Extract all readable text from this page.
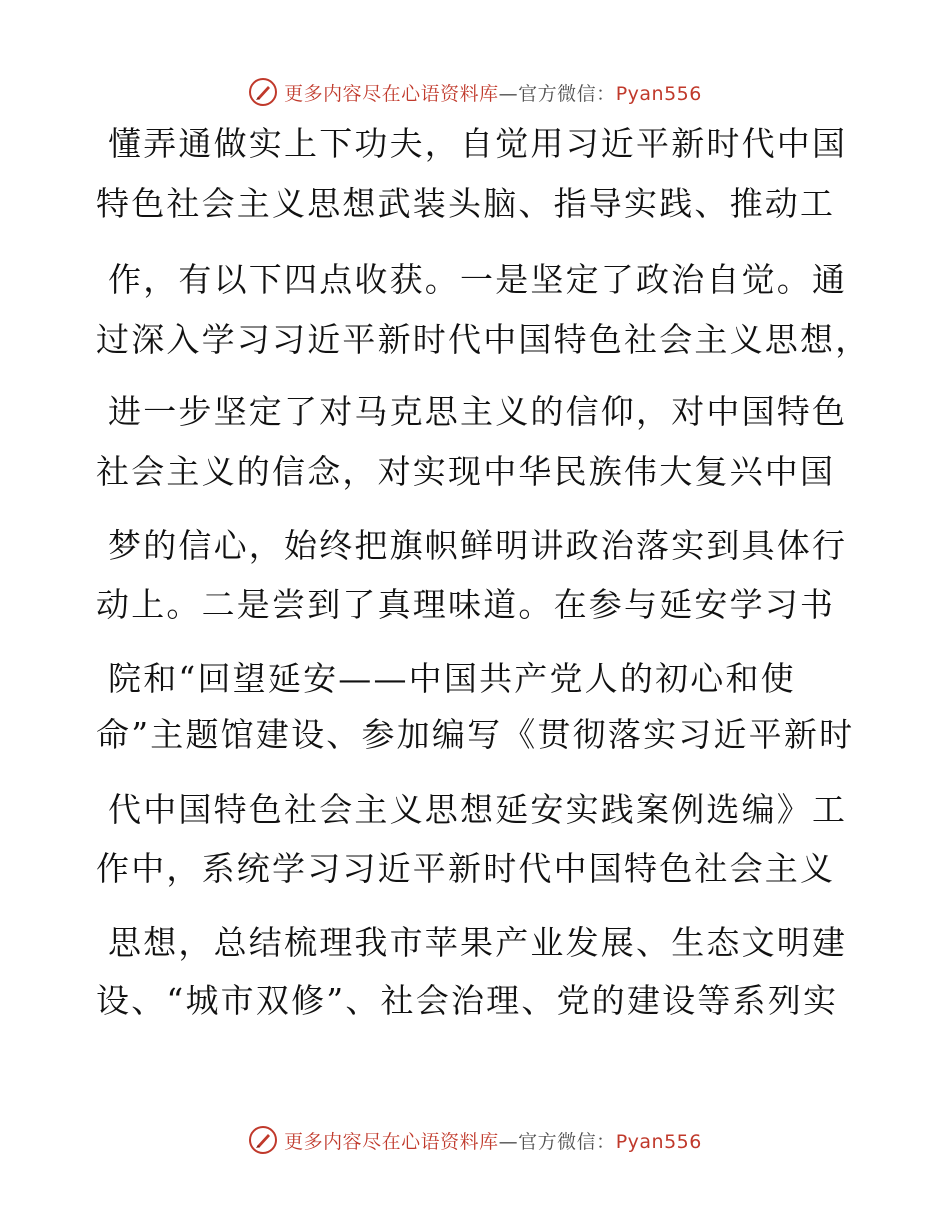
更多内容尽在心语资料库—官方微信：Pyan556
懂弄通做实上下功夫，自觉用习近平新时代中国
特色社会主义思想武装头脑、指导实践、推动工
作，有以下四点收获。一是坚定了政治自觉。通
过深入学习习近平新时代中国特色社会主义思想，
进一步坚定了对马克思主义的信仰，对中国特色
社会主义的信念，对实现中华民族伟大复兴中国
梦的信心，始终把旗帜鲜明讲政治落实到具体行
动上。二是尝到了真理味道。在参与延安学习书
院和“回望延安——中国共产党人的初心和使
命”主题馆建设、参加编写《贯彻落实习近平新时
代中国特色社会主义思想延安实践案例选编》工
作中，系统学习习近平新时代中国特色社会主义
思想，总结梳理我市苹果产业发展、生态文明建
设、“城市双修”、社会治理、党的建设等系列实
更多内容尽在心语资料库—官方微信：Pyan556
